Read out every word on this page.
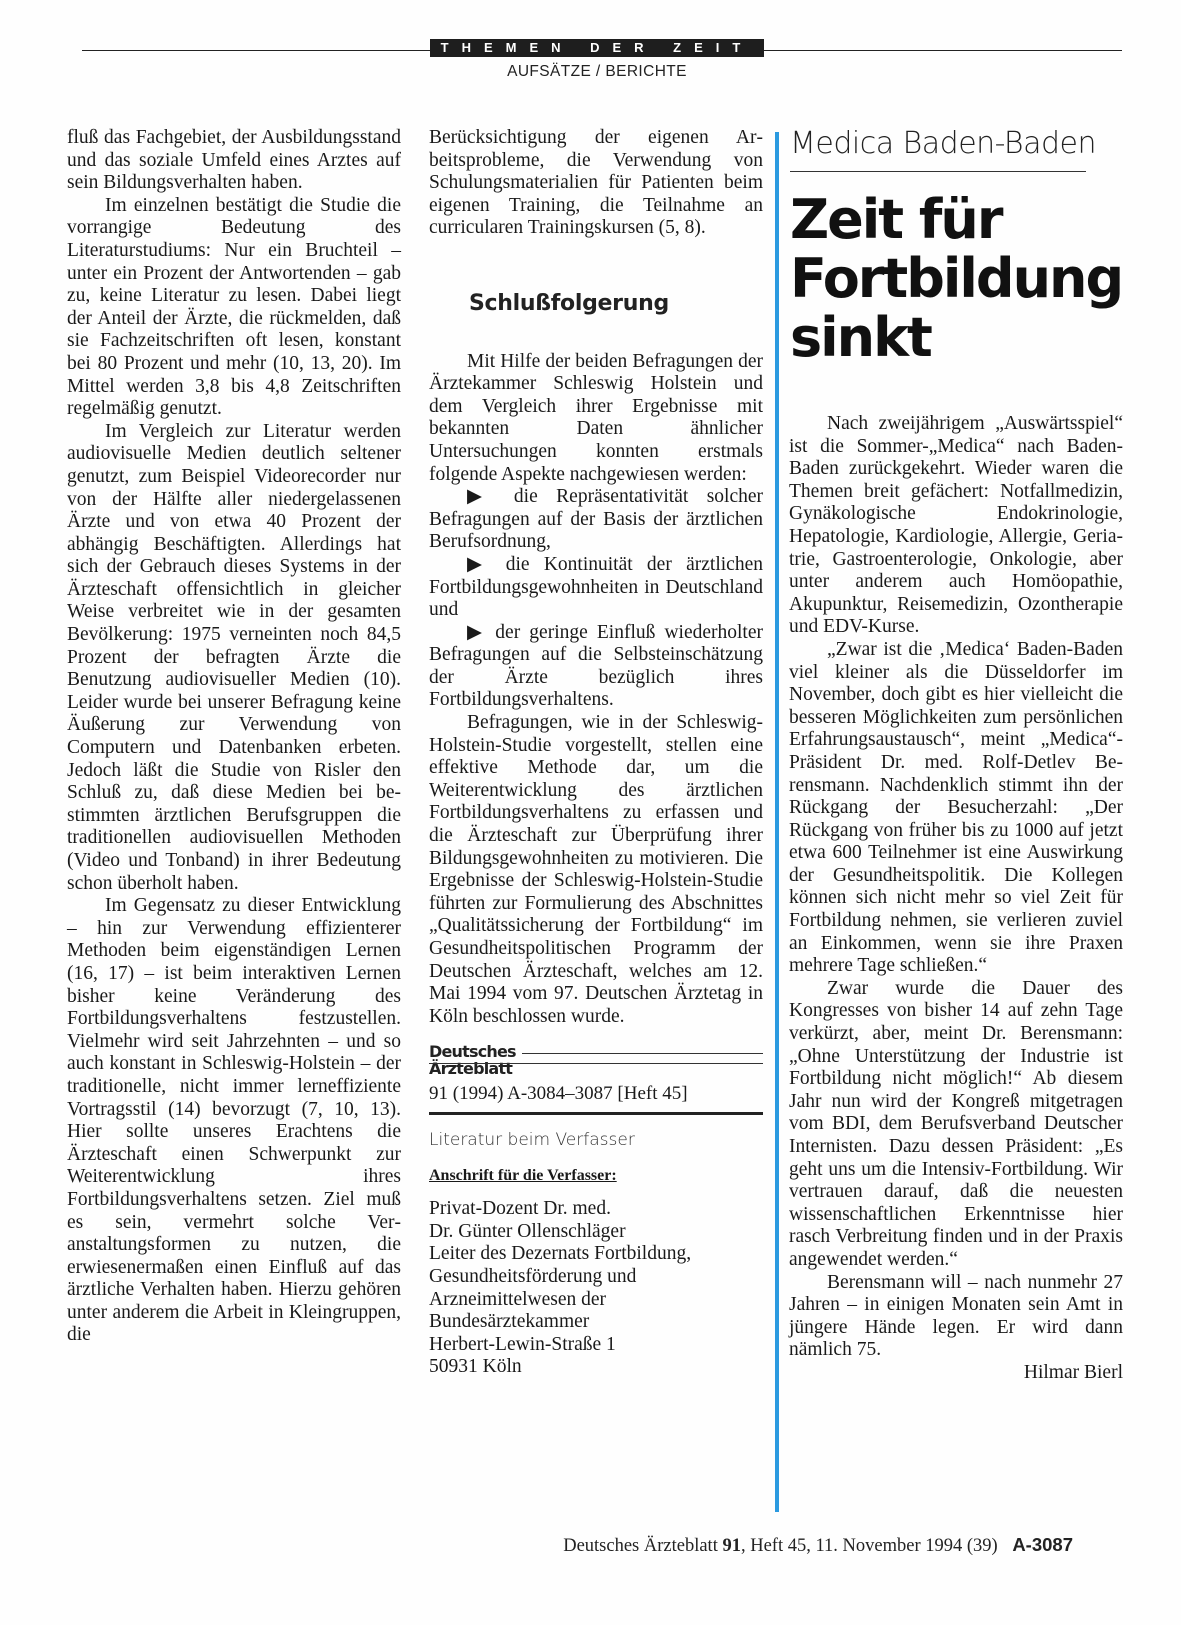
THEMEN DER ZEIT
AUFSÄTZE / BERICHTE

fluß das Fachgebiet, der Ausbildungsstand und das soziale Umfeld eines Arztes auf sein Bildungsverhalten haben.

Im einzelnen bestätigt die Studie die vorrangige Bedeutung des Literaturstudiums: Nur ein Bruchteil – unter ein Prozent der Antwortenden – gab zu, keine Literatur zu lesen. Dabei liegt der Anteil der Ärzte, die rückmelden, daß sie Fachzeitschriften oft lesen, konstant bei 80 Prozent und mehr (10, 13, 20). Im Mittel werden 3,8 bis 4,8 Zeitschriften regelmäßig genutzt.

Im Vergleich zur Literatur werden audiovisuelle Medien deutlich seltener genutzt, zum Beispiel Videorecorder nur von der Hälfte aller niedergelassenen Ärzte und von etwa 40 Prozent der abhängig Beschäftigten. Allerdings hat sich der Gebrauch dieses Systems in der Ärzteschaft offensichtlich in gleicher Weise verbreitet wie in der gesamten Bevölkerung: 1975 verneinten noch 84,5 Prozent der befragten Ärzte die Benutzung audiovisueller Medien (10). Leider wurde bei unserer Befragung keine Äußerung zur Verwendung von Computern und Datenbanken erbeten. Jedoch läßt die Studie von Risler den Schluß zu, daß diese Medien bei bestimmten ärztlichen Berufsgruppen die traditionellen audiovisuellen Methoden (Video und Tonband) in ihrer Bedeutung schon überholt haben.

Im Gegensatz zu dieser Entwicklung – hin zur Verwendung effizienterer Methoden beim eigenständigen Lernen (16, 17) – ist beim interaktiven Lernen bisher keine Veränderung des Fortbildungsverhaltens festzustellen. Vielmehr wird seit Jahrzehnten – und so auch konstant in Schleswig-Holstein – der traditionelle, nicht immer lerneffiziente Vortragsstil (14) bevorzugt (7, 10, 13). Hier sollte unseres Erachtens die Ärzteschaft einen Schwerpunkt zur Weiterentwicklung ihres Fortbildungsverhaltens setzen. Ziel muß es sein, vermehrt solche Veranstaltungsformen zu nutzen, die erwiesenermaßen einen Einfluß auf das ärztliche Verhalten haben. Hierzu gehören unter anderem die Arbeit in Kleingruppen, die

Berücksichtigung der eigenen Arbeitsprobleme, die Verwendung von Schulungsmaterialien für Patienten beim eigenen Training, die Teilnahme an curricularen Trainingskursen (5, 8).

Schlußfolgerung

Mit Hilfe der beiden Befragungen der Ärztekammer Schleswig Holstein und dem Vergleich ihrer Ergebnisse mit bekannten Daten ähnlicher Untersuchungen konnten erstmals folgende Aspekte nachgewiesen werden:

▶ die Repräsentativität solcher Befragungen auf der Basis der ärztlichen Berufsordnung,

▶ die Kontinuität der ärztlichen Fortbildungsgewohnheiten in Deutschland und

▶ der geringe Einfluß wiederholter Befragungen auf die Selbsteinschätzung der Ärzte bezüglich ihres Fortbildungsverhaltens.

Befragungen, wie in der Schleswig-Holstein-Studie vorgestellt, stellen eine effektive Methode dar, um die Weiterentwicklung des ärztlichen Fortbildungsverhaltens zu erfassen und die Ärzteschaft zur Überprüfung ihrer Bildungsgewohnheiten zu motivieren. Die Ergebnisse der Schleswig-Holstein-Studie führten zur Formulierung des Abschnittes „Qualitätssicherung der Fortbildung“ im Gesundheitspolitischen Programm der Deutschen Ärzteschaft, welches am 12. Mai 1994 vom 97. Deutschen Ärztetag in Köln beschlossen wurde.

Deutsches
Ärzteblatt
91 (1994) A-3084–3087 [Heft 45]
Literatur beim Verfasser
Anschrift für die Verfasser:
Privat-Dozent Dr. med.
Dr. Günter Ollenschläger
Leiter des Dezernats Fortbildung,
Gesundheitsförderung und
Arzneimittelwesen der
Bundesärztekammer
Herbert-Lewin-Straße 1
50931 Köln
Medica Baden-Baden
Zeit für
Fortbildung
sinkt

Nach zweijährigem „Auswärtsspiel“ ist die Sommer-„Medica“ nach Baden-Baden zurückgekehrt. Wieder waren die Themen breit gefächert: Notfallmedizin, Gynäkologische Endokrinologie, Hepatologie, Kardiologie, Allergie, Geriatrie, Gastroenterologie, Onkologie, aber unter anderem auch Homöopathie, Akupunktur, Reisemedizin, Ozontherapie und EDV-Kurse.

„Zwar ist die ‚Medica‘ Baden-Baden viel kleiner als die Düsseldorfer im November, doch gibt es hier vielleicht die besseren Möglichkeiten zum persönlichen Erfahrungsaustausch“, meint „Medica“-Präsident Dr. med. Rolf-Detlev Berensmann. Nachdenklich stimmt ihn der Rückgang der Besucherzahl: „Der Rückgang von früher bis zu 1000 auf jetzt etwa 600 Teilnehmer ist eine Auswirkung der Gesundheitspolitik. Die Kollegen können sich nicht mehr so viel Zeit für Fortbildung nehmen, sie verlieren zuviel an Einkommen, wenn sie ihre Praxen mehrere Tage schließen.“

Zwar wurde die Dauer des Kongresses von bisher 14 auf zehn Tage verkürzt, aber, meint Dr. Berensmann: „Ohne Unterstützung der Industrie ist Fortbildung nicht möglich!“ Ab diesem Jahr nun wird der Kongreß mitgetragen vom BDI, dem Berufsverband Deutscher Internisten. Dazu dessen Präsident: „Es geht uns um die Intensiv-Fortbildung. Wir vertrauen darauf, daß die neuesten wissenschaftlichen Erkenntnisse hier rasch Verbreitung finden und in der Praxis angewendet werden.“

Berensmann will – nach nunmehr 27 Jahren – in einigen Monaten sein Amt in jüngere Hände legen. Er wird dann nämlich 75.

Hilmar Bierl

Deutsches Ärzteblatt 91, Heft 45, 11. November 1994 (39) A-3087
